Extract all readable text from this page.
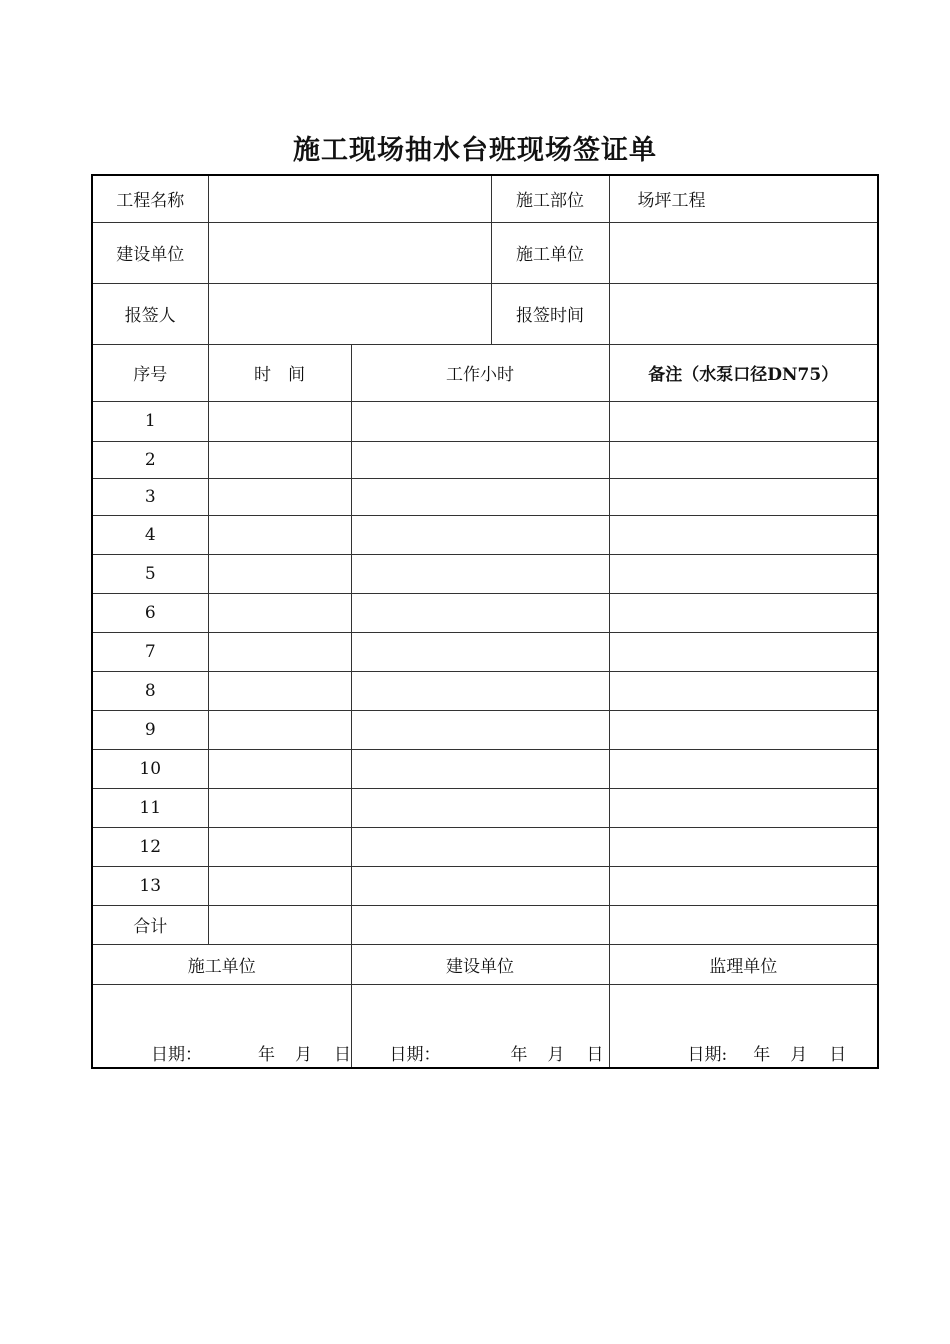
施工现场抽水台班现场签证单
工程名称			施工部位	场坪工程
建设单位			施工单位	
报签人			报签时间	
序号	时　间	工作小时		备注（水泵口径DN75）
1				
2				
3				
4				
5				
6				
7				
8				
9				
10				
11				
12				
13				
合计				
施工单位		建设单位		监理单位

日期： 年 月 日		日期： 年 月 日		日期: 年 月 日
